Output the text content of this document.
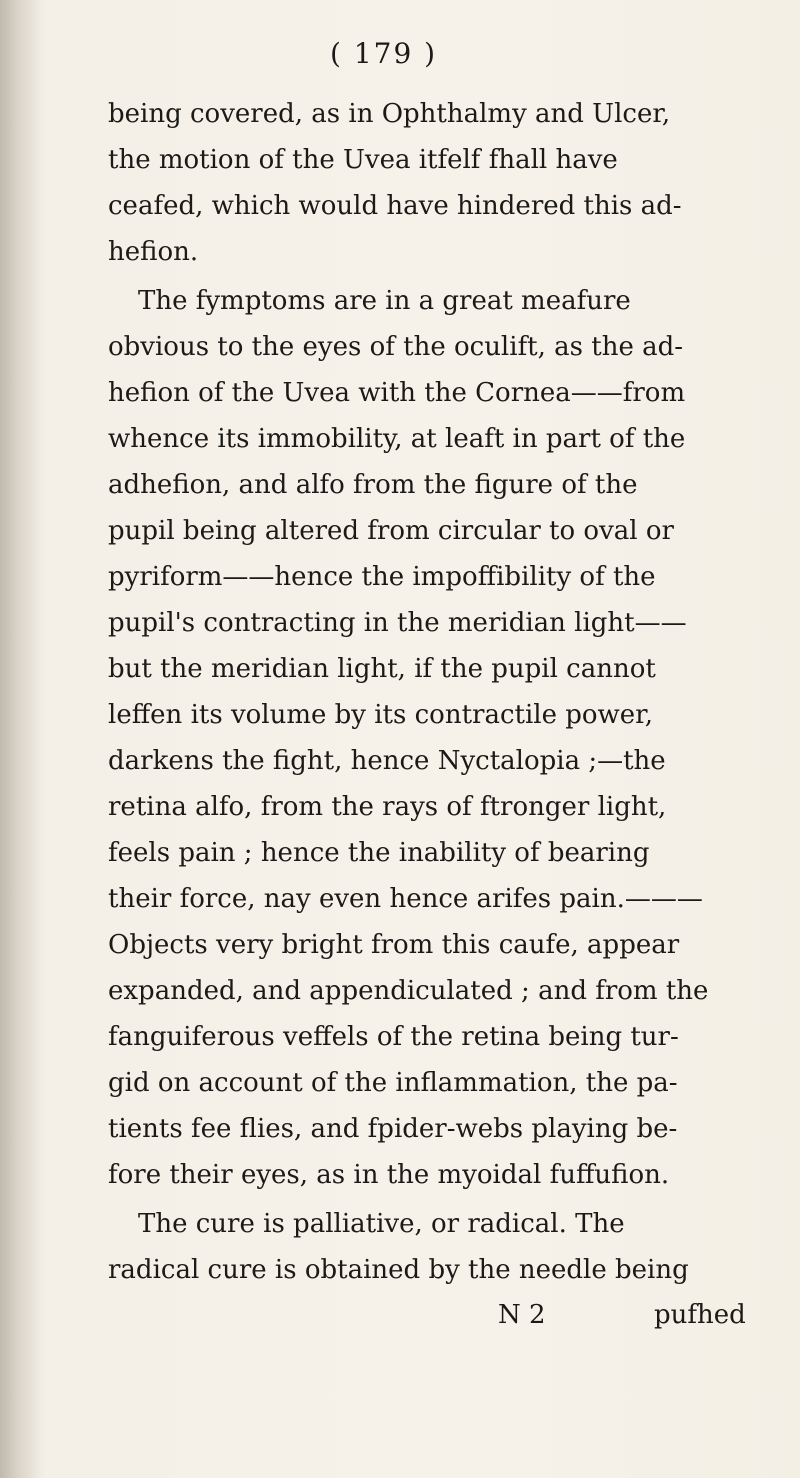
( 179 )
being covered, as in Ophthalmy and Ulcer,
the motion of the Uvea itfelf fhall have
ceafed, which would have hindered this ad-
hefion.
The fymptoms are in a great meafure
obvious to the eyes of the oculift, as the ad-
hefion of the Uvea with the Cornea——from
whence its immobility, at leaft in part of the
adhefion, and alfo from the figure of the
pupil being altered from circular to oval or
pyriform——hence the impoffibility of the
pupil's contracting in the meridian light——
but the meridian light, if the pupil cannot
leffen its volume by its contractile power,
darkens the fight, hence Nyctalopia ;—the
retina alfo, from the rays of ftronger light,
feels pain ; hence the inability of bearing
their force, nay even hence arifes pain.———
Objects very bright from this caufe, appear
expanded, and appendiculated ; and from the
fanguiferous veffels of the retina being tur-
gid on account of the inflammation, the pa-
tients fee flies, and fpider-webs playing be-
fore their eyes, as in the myoidal fuffufion.
The cure is palliative, or radical. The
radical cure is obtained by the needle being
N 2	pufhed
